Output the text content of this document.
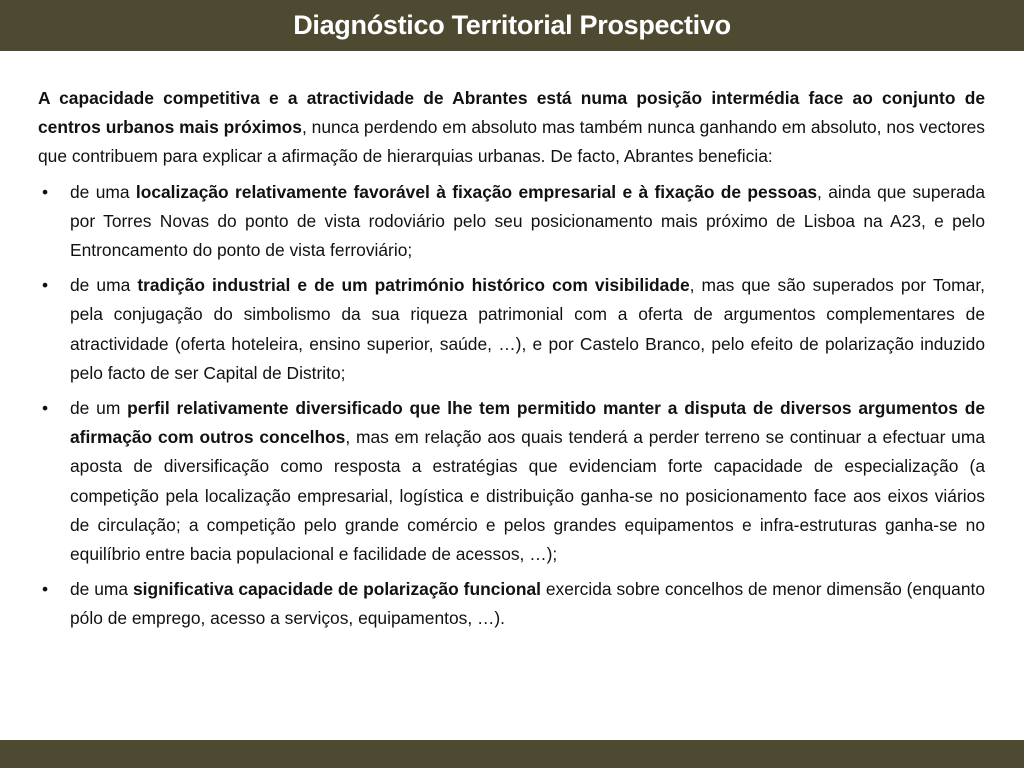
Diagnóstico Territorial Prospectivo

A capacidade competitiva e a atractividade de Abrantes está numa posição intermédia face ao conjunto de centros urbanos mais próximos, nunca perdendo em absoluto mas também nunca ganhando em absoluto, nos vectores que contribuem para explicar a afirmação de hierarquias urbanas. De facto, Abrantes beneficia:

• de uma localização relativamente favorável à fixação empresarial e à fixação de pessoas, ainda que superada por Torres Novas do ponto de vista rodoviário pelo seu posicionamento mais próximo de Lisboa na A23, e pelo Entroncamento do ponto de vista ferroviário;
• de uma tradição industrial e de um património histórico com visibilidade, mas que são superados por Tomar, pela conjugação do simbolismo da sua riqueza patrimonial com a oferta de argumentos complementares de atractividade (oferta hoteleira, ensino superior, saúde, …), e por Castelo Branco, pelo efeito de polarização induzido pelo facto de ser Capital de Distrito;
• de um perfil relativamente diversificado que lhe tem permitido manter a disputa de diversos argumentos de afirmação com outros concelhos, mas em relação aos quais tenderá a perder terreno se continuar a efectuar uma aposta de diversificação como resposta a estratégias que evidenciam forte capacidade de especialização (a competição pela localização empresarial, logística e distribuição ganha-se no posicionamento face aos eixos viários de circulação; a competição pelo grande comércio e pelos grandes equipamentos e infra-estruturas ganha-se no equilíbrio entre bacia populacional e facilidade de acessos, …);
• de uma significativa capacidade de polarização funcional exercida sobre concelhos de menor dimensão (enquanto pólo de emprego, acesso a serviços, equipamentos, …).
